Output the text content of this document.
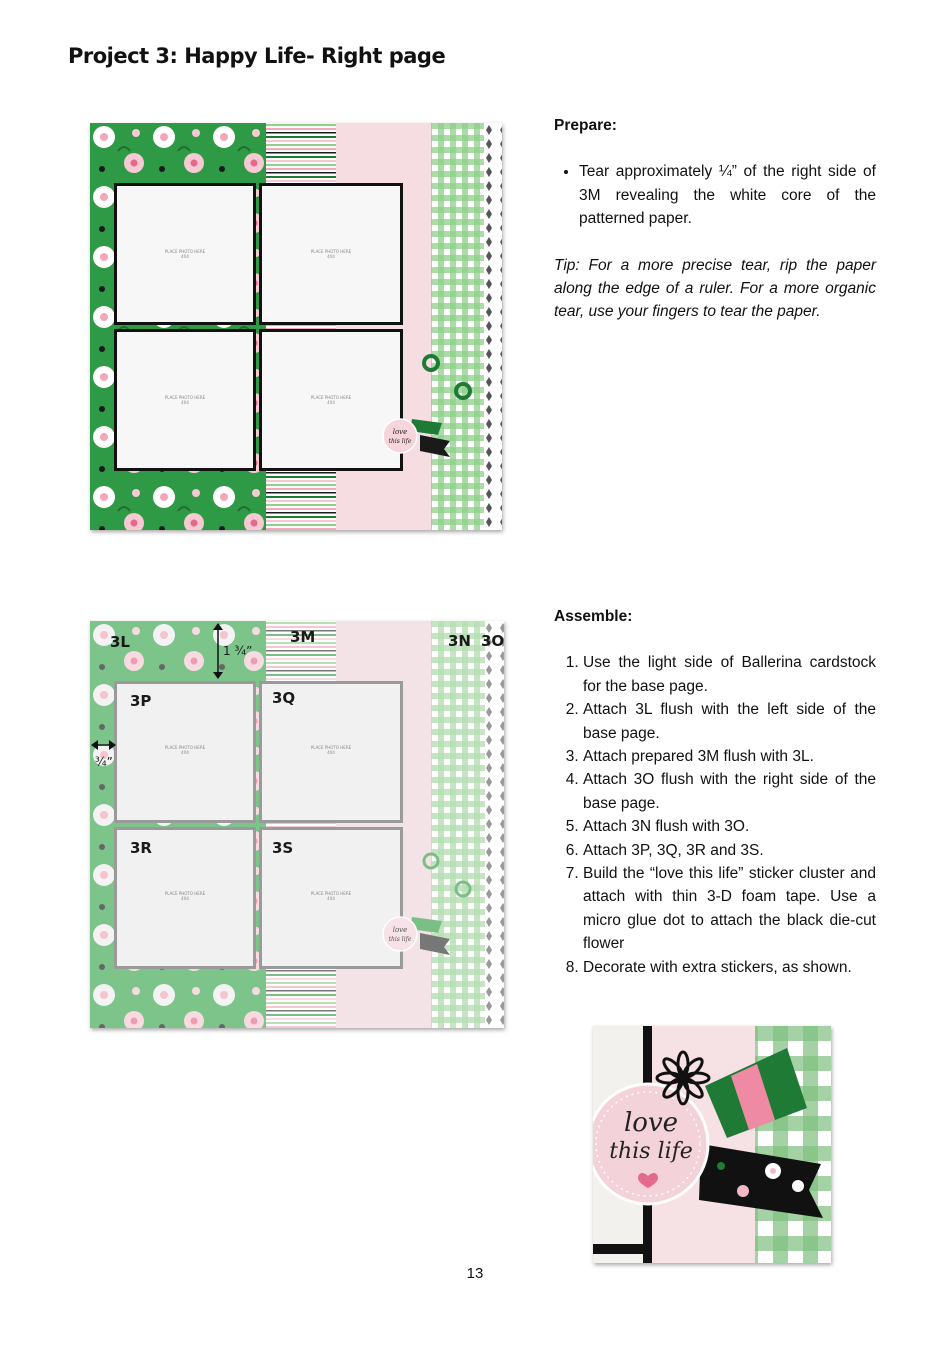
Project 3: Happy Life- Right page
PLACE PHOTO HERE
4X4
PLACE PHOTO HERE
4X4
PLACE PHOTO HERE
4X4
PLACE PHOTO HERE
4X4
love
this life

Prepare:

• Tear approximately ¼” of the right side of 3M revealing the white core of the patterned paper.

Tip: For a more precise tear, rip the paper along the edge of a ruler. For a more organic tear, use your fingers to tear the paper.

PLACE PHOTO HERE
4X4
PLACE PHOTO HERE
4X4
PLACE PHOTO HERE
4X4
PLACE PHOTO HERE
4X4
love
this life
1 ¾”
¾”
3L	3M	3N 3O
3P	3Q
3R	3S

Assemble:

1. Use the light side of Ballerina cardstock for the base page.
2. Attach 3L flush with the left side of the base page.
3. Attach prepared 3M flush with 3L.
4. Attach 3O flush with the right side of the base page.
5. Attach 3N flush with 3O.
6. Attach 3P, 3Q, 3R and 3S.
7. Build the “love this life” sticker cluster and attach with thin 3-D foam tape. Use a micro glue dot to attach the black die-cut flower
8. Decorate with extra stickers, as shown.
love
this life
13
